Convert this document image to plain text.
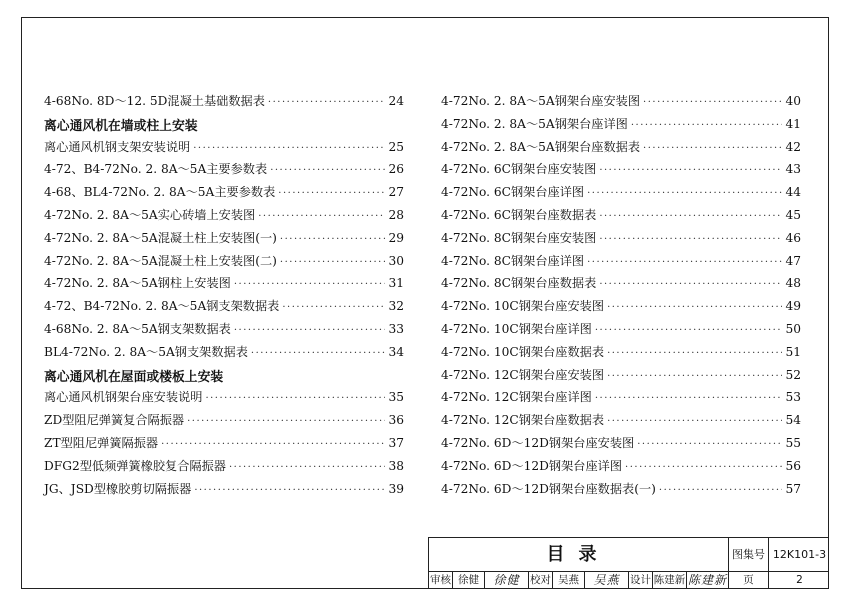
4-68No. 8D～12. 5D混凝土基础数据表 ·····	24
离心通风机在墙或柱上安装
离心通风机钢支架安装说明 ·····	25
4-72、B4-72No. 2. 8A～5A主要参数表 ·····	26
4-68、BL4-72No. 2. 8A～5A主要参数表 ·····	27
4-72No. 2. 8A～5A实心砖墙上安装图 ·····	28
4-72No. 2. 8A～5A混凝土柱上安装图(一) ·····	29
4-72No. 2. 8A～5A混凝土柱上安装图(二) ·····	30
4-72No. 2. 8A～5A钢柱上安装图 ·····	31
4-72、B4-72No. 2. 8A～5A钢支架数据表 ·····	32
4-68No. 2. 8A～5A钢支架数据表 ·····	33
BL4-72No. 2. 8A～5A钢支架数据表 ·····	34
离心通风机在屋面或楼板上安装
离心通风机钢架台座安装说明 ·····	35
ZD型阻尼弹簧复合隔振器 ·····	36
ZT型阻尼弹簧隔振器 ·····	37
DFG2型低频弹簧橡胶复合隔振器 ·····	38
JG、JSD型橡胶剪切隔振器 ·····	39
4-72No. 2. 8A～5A钢架台座安装图 ·····	40
4-72No. 2. 8A～5A钢架台座详图 ·····	41
4-72No. 2. 8A～5A钢架台座数据表 ·····	42
4-72No. 6C钢架台座安装图 ·····	43
4-72No. 6C钢架台座详图 ·····	44
4-72No. 6C钢架台座数据表 ·····	45
4-72No. 8C钢架台座安装图 ·····	46
4-72No. 8C钢架台座详图 ·····	47
4-72No. 8C钢架台座数据表 ·····	48
4-72No. 10C钢架台座安装图 ·····	49
4-72No. 10C钢架台座详图 ·····	50
4-72No. 10C钢架台座数据表 ·····	51
4-72No. 12C钢架台座安装图 ·····	52
4-72No. 12C钢架台座详图 ·····	53
4-72No. 12C钢架台座数据表 ·····	54
4-72No. 6D～12D钢架台座安装图 ·····	55
4-72No. 6D～12D钢架台座详图 ·····	56
4-72No. 6D～12D钢架台座数据表(一) ·····	57
目录	图集号 12K101-3
审核 徐健	徐健	校对 吴燕	吴燕	设计 陈建新 陈建新	页	2
